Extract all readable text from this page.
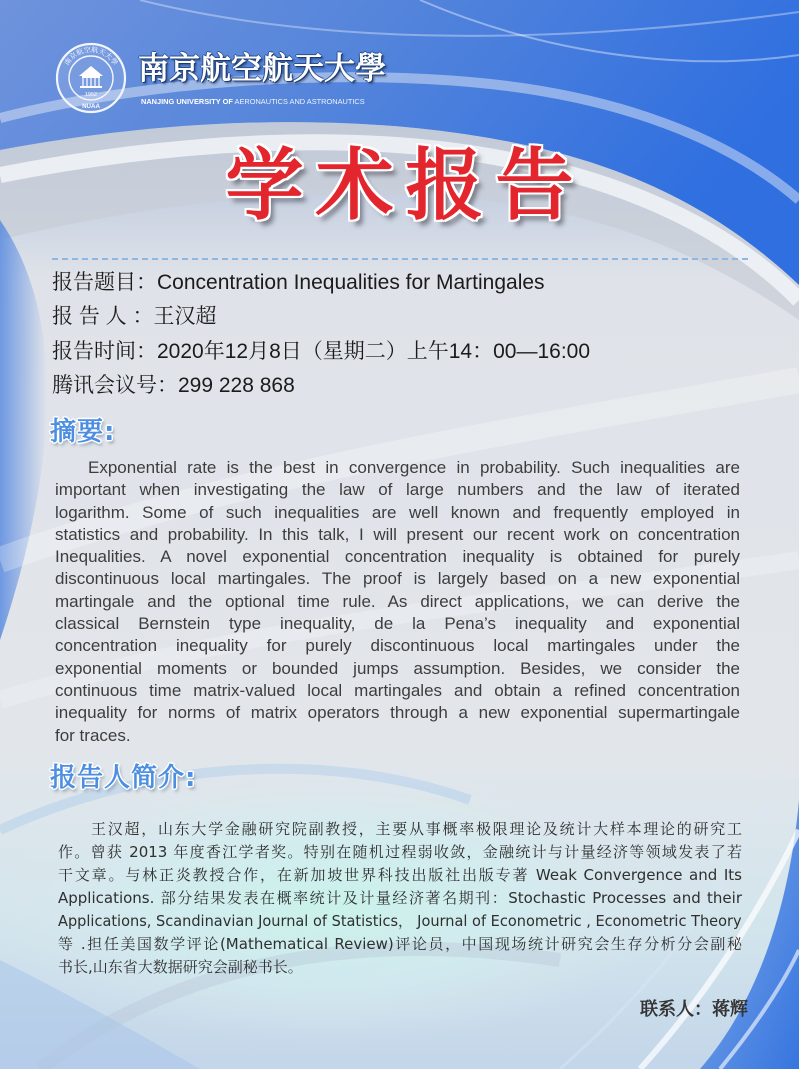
南京航空航天大學
1952
NUAA
南京航空航天大學
NANJING UNIVERSITY OF AERONAUTICS AND ASTRONAUTICS
学术报告
报告题目：Concentration Inequalities for Martingales
报 告 人 ：王汉超
报告时间：2020年12月8日（星期二）上午14：00—16:00
腾讯会议号：299 228 868
摘要:
Exponential rate is the best in convergence in probability. Such inequalities are
important when investigating the law of large numbers and the law of iterated
logarithm. Some of such inequalities are well known and frequently employed in
statistics and probability. In this talk, I will present our recent work on concentration
Inequalities. A novel exponential concentration inequality is obtained for purely
discontinuous local martingales. The proof is largely based on a new exponential
martingale and the optional time rule. As direct applications, we can derive the
classical Bernstein type inequality, de la Pena’s inequality and exponential
concentration inequality for purely discontinuous local martingales under the
exponential moments or bounded jumps assumption. Besides, we consider the
continuous time matrix-valued local martingales and obtain a refined concentration
inequality for norms of matrix operators through a new exponential supermartingale
for traces.
报告人简介:
王汉超，山东大学金融研究院副教授，主要从事概率极限理论及统计大样本理论的研究工
作。曾获 2013 年度香江学者奖。特别在随机过程弱收敛，金融统计与计量经济等领域发表了若
干文章。与林正炎教授合作，在新加坡世界科技出版社出版专著 Weak Convergence and Its
Applications. 部分结果发表在概率统计及计量经济著名期刊：Stochastic Processes and their
Applications, Scandinavian Journal of Statistics， Journal of Econometric , Econometric Theory
等 .担任美国数学评论(Mathematical Review)评论员，中国现场统计研究会生存分析分会副秘
书长,山东省大数据研究会副秘书长。
联系人：蒋辉
